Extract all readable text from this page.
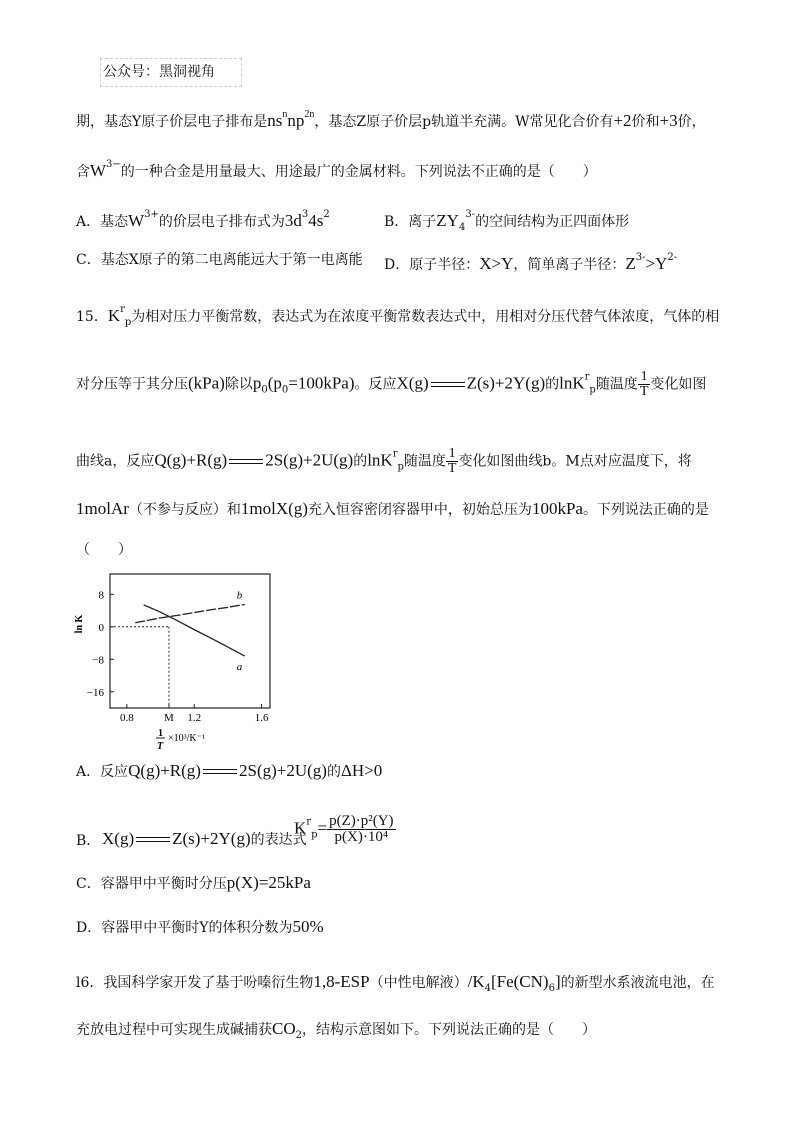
公众号：黑洞视角
期，基态Y原子价层电子排布是$ns^nnp^{2n}$，基态Z原子价层p轨道半充满。W常见化合价有+2价和+3价，
含$W^{3-}$的一种合金是用量最大、用途最广的金属材料。下列说法不正确的是（　　）
A．基态$W^{3+}$的价层电子排布式为$3d^34s^2$	B．离子$ZY_4^{3-}$的空间结构为正四面体形
C．基态X原子的第二电离能远大于第一电离能 D．原子半径：X>Y，简单离子半径：$Z^{3-}>Y^{2-}$
15．$K^r_p$为相对压力平衡常数，表达式为在浓度平衡常数表达式中，用相对分压代替气体浓度，气体的相
对分压等于其分压(kPa)除以$p_0(p_0=100kPa)$。反应X(g) Z(s)+2Y(g)的lnK$^r_p$随温度 $\frac{1}{T}$ 变化如图
曲线a，反应Q(g)+R(g) 2S(g)+2U(g)的lnK$^r_p$随温度 $\frac{1}{T}$ 变化如图曲线b。M点对应温度下，将
1molAr（不参与反应）和1molX(g)充入恒容密闭容器甲中，初始总压为100kPa。下列说法正确的是
（　　）
8
0
−8
−16
0.8	M 1.2	1.6
ln K
1
T
×10³/K⁻¹
a
b
A．反应Q(g)+R(g) 2S(g)+2U(g)的ΔH>0
B． X(g) Z(s)+2Y(g)的表达式
$K^r_p= \frac{\text{p(Z)·p²(Y)}}{\text{p(X)·10⁴}}$
C．容器甲中平衡时分压p(X)=25kPa
D．容器甲中平衡时Y的体积分数为50%
l6．我国科学家开发了基于吩嗪衍生物1,8-ESP（中性电解液）$/K_4[Fe(CN)_6]$的新型水系液流电池，在
充放电过程中可实现生成碱捕获$CO_2$，结构示意图如下。下列说法正确的是（　　）
